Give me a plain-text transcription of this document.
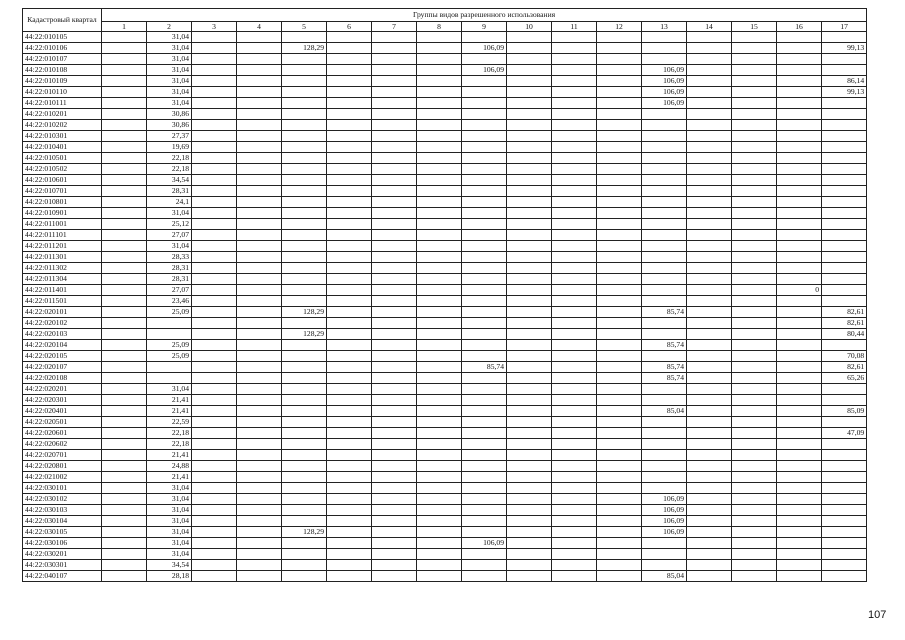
Кадастровый квартал	Группы видов разрешенного использования																
	1	2	3	4	5	6	7	8	9	10	11	12	13	14	15	16	17
44:22:010105		31,04															
44:22:010106		31,04			128,29				106,09								99,13
44:22:010107		31,04															
44:22:010108		31,04							106,09				106,09				
44:22:010109		31,04											106,09				86,14
44:22:010110		31,04											106,09				99,13
44:22:010111		31,04											106,09				
44:22:010201		30,86															
44:22:010202		30,86															
44:22:010301		27,37															
44:22:010401		19,69															
44:22:010501		22,18															
44:22:010502		22,18															
44:22:010601		34,54															
44:22:010701		28,31															
44:22:010801		24,1															
44:22:010901		31,04															
44:22:011001		25,12															
44:22:011101		27,07															
44:22:011201		31,04															
44:22:011301		28,33															
44:22:011302		28,31															
44:22:011304		28,31															
44:22:011401		27,07														0	
44:22:011501		23,46															
44:22:020101		25,09			128,29								85,74				82,61
44:22:020102																	82,61
44:22:020103					128,29												80,44
44:22:020104		25,09											85,74				
44:22:020105		25,09															70,08
44:22:020107									85,74				85,74				82,61
44:22:020108													85,74				65,26
44:22:020201		31,04															
44:22:020301		21,41															
44:22:020401		21,41											85,04				85,09
44:22:020501		22,59															
44:22:020601		22,18															47,09
44:22:020602		22,18															
44:22:020701		21,41															
44:22:020801		24,88															
44:22:021002		21,41															
44:22:030101		31,04															
44:22:030102		31,04											106,09				
44:22:030103		31,04											106,09				
44:22:030104		31,04											106,09				
44:22:030105		31,04			128,29								106,09				
44:22:030106		31,04							106,09								
44:22:030201		31,04															
44:22:030301		34,54															
44:22:040107		28,18											85,04				
107
